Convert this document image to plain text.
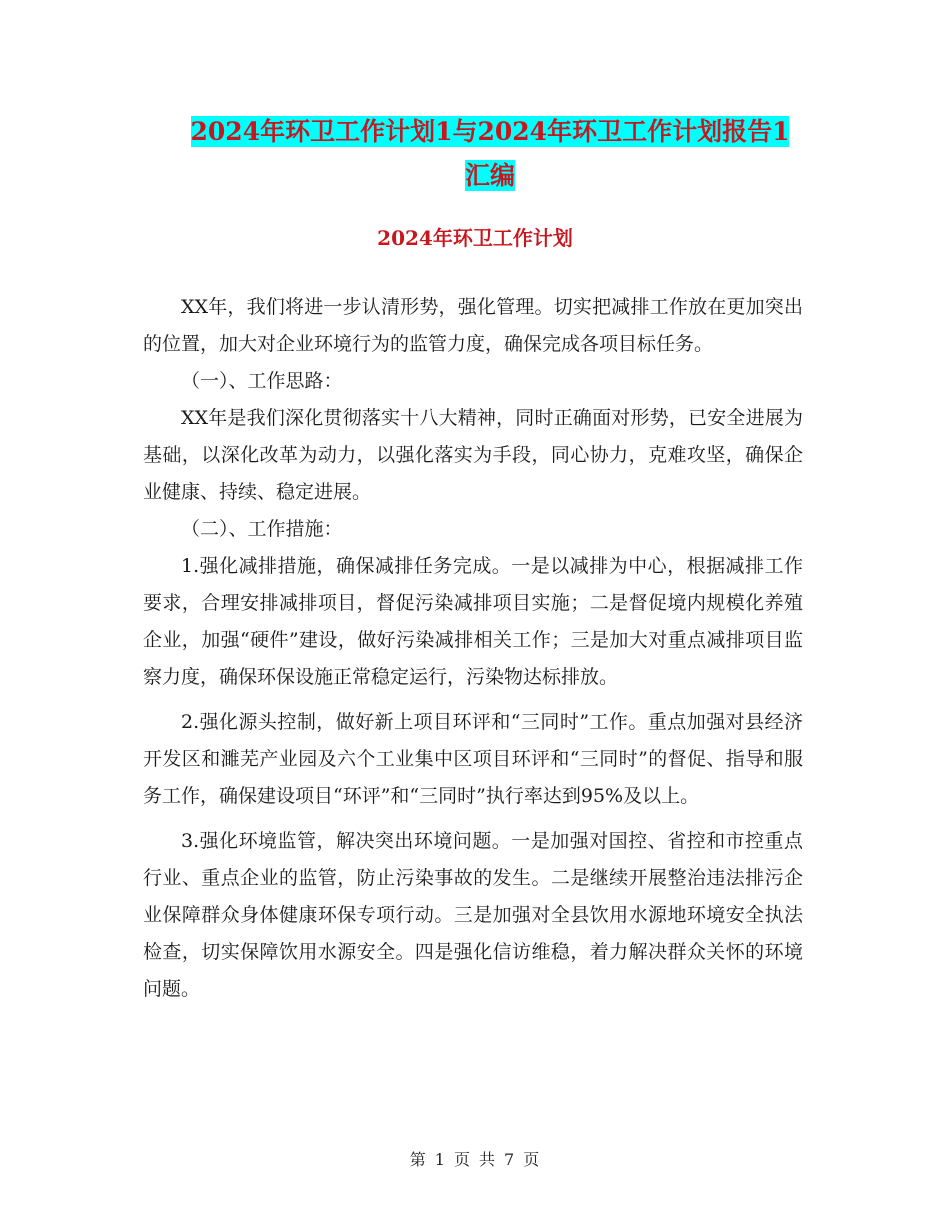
2024年环卫工作计划1与2024年环卫工作计划报告1
汇编
2024年环卫工作计划

XX年，我们将进一步认清形势，强化管理。切实把减排工作放在更加突出的位置，加大对企业环境行为的监管力度，确保完成各项目标任务。

（一）、工作思路：

XX年是我们深化贯彻落实十八大精神，同时正确面对形势，已安全进展为基础，以深化改革为动力，以强化落实为手段，同心协力，克难攻坚，确保企业健康、持续、稳定进展。

（二）、工作措施：

1.强化减排措施，确保减排任务完成。一是以减排为中心，根据减排工作要求，合理安排减排项目，督促污染减排项目实施；二是督促境内规模化养殖企业，加强“硬件”建设，做好污染减排相关工作；三是加大对重点减排项目监察力度，确保环保设施正常稳定运行，污染物达标排放。

2.强化源头控制，做好新上项目环评和“三同时”工作。重点加强对县经济开发区和濉芜产业园及六个工业集中区项目环评和“三同时”的督促、指导和服务工作，确保建设项目“环评”和“三同时”执行率达到95%及以上。

3.强化环境监管，解决突出环境问题。一是加强对国控、省控和市控重点行业、重点企业的监管，防止污染事故的发生。二是继续开展整治违法排污企业保障群众身体健康环保专项行动。三是加强对全县饮用水源地环境安全执法检查，切实保障饮用水源安全。四是强化信访维稳，着力解决群众关怀的环境问题。

第 1 页 共 7 页
